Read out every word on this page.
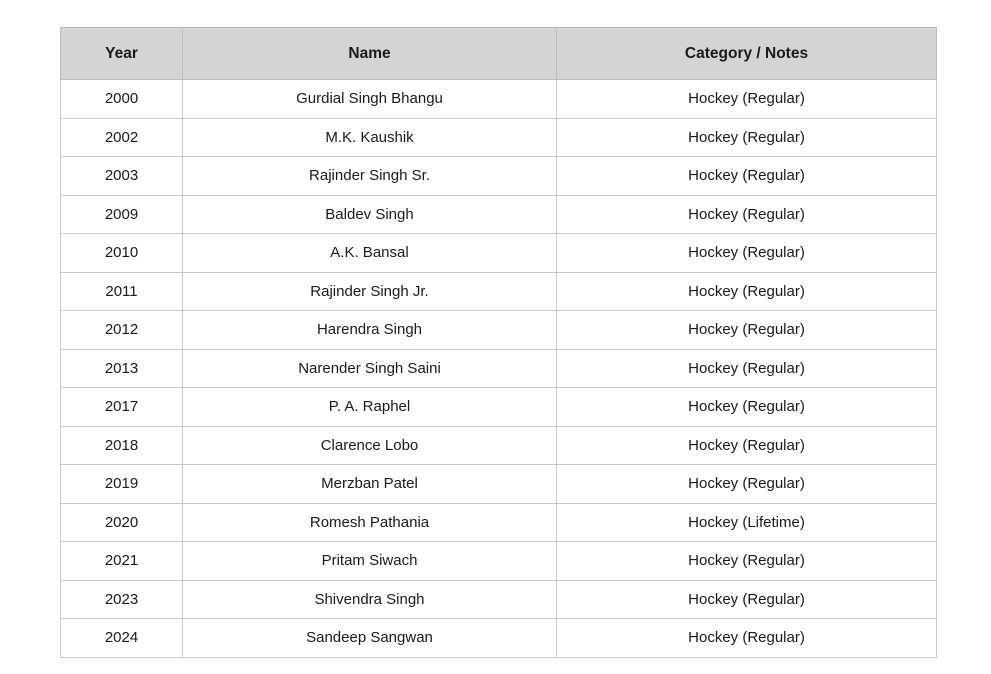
Year	Name	Category / Notes
2000	Gurdial Singh Bhangu	Hockey (Regular)
2002	M.K. Kaushik	Hockey (Regular)
2003	Rajinder Singh Sr.	Hockey (Regular)
2009	Baldev Singh	Hockey (Regular)
2010	A.K. Bansal	Hockey (Regular)
2011	Rajinder Singh Jr.	Hockey (Regular)
2012	Harendra Singh	Hockey (Regular)
2013	Narender Singh Saini	Hockey (Regular)
2017	P. A. Raphel	Hockey (Regular)
2018	Clarence Lobo	Hockey (Regular)
2019	Merzban Patel	Hockey (Regular)
2020	Romesh Pathania	Hockey (Lifetime)
2021	Pritam Siwach	Hockey (Regular)
2023	Shivendra Singh	Hockey (Regular)
2024	Sandeep Sangwan	Hockey (Regular)
